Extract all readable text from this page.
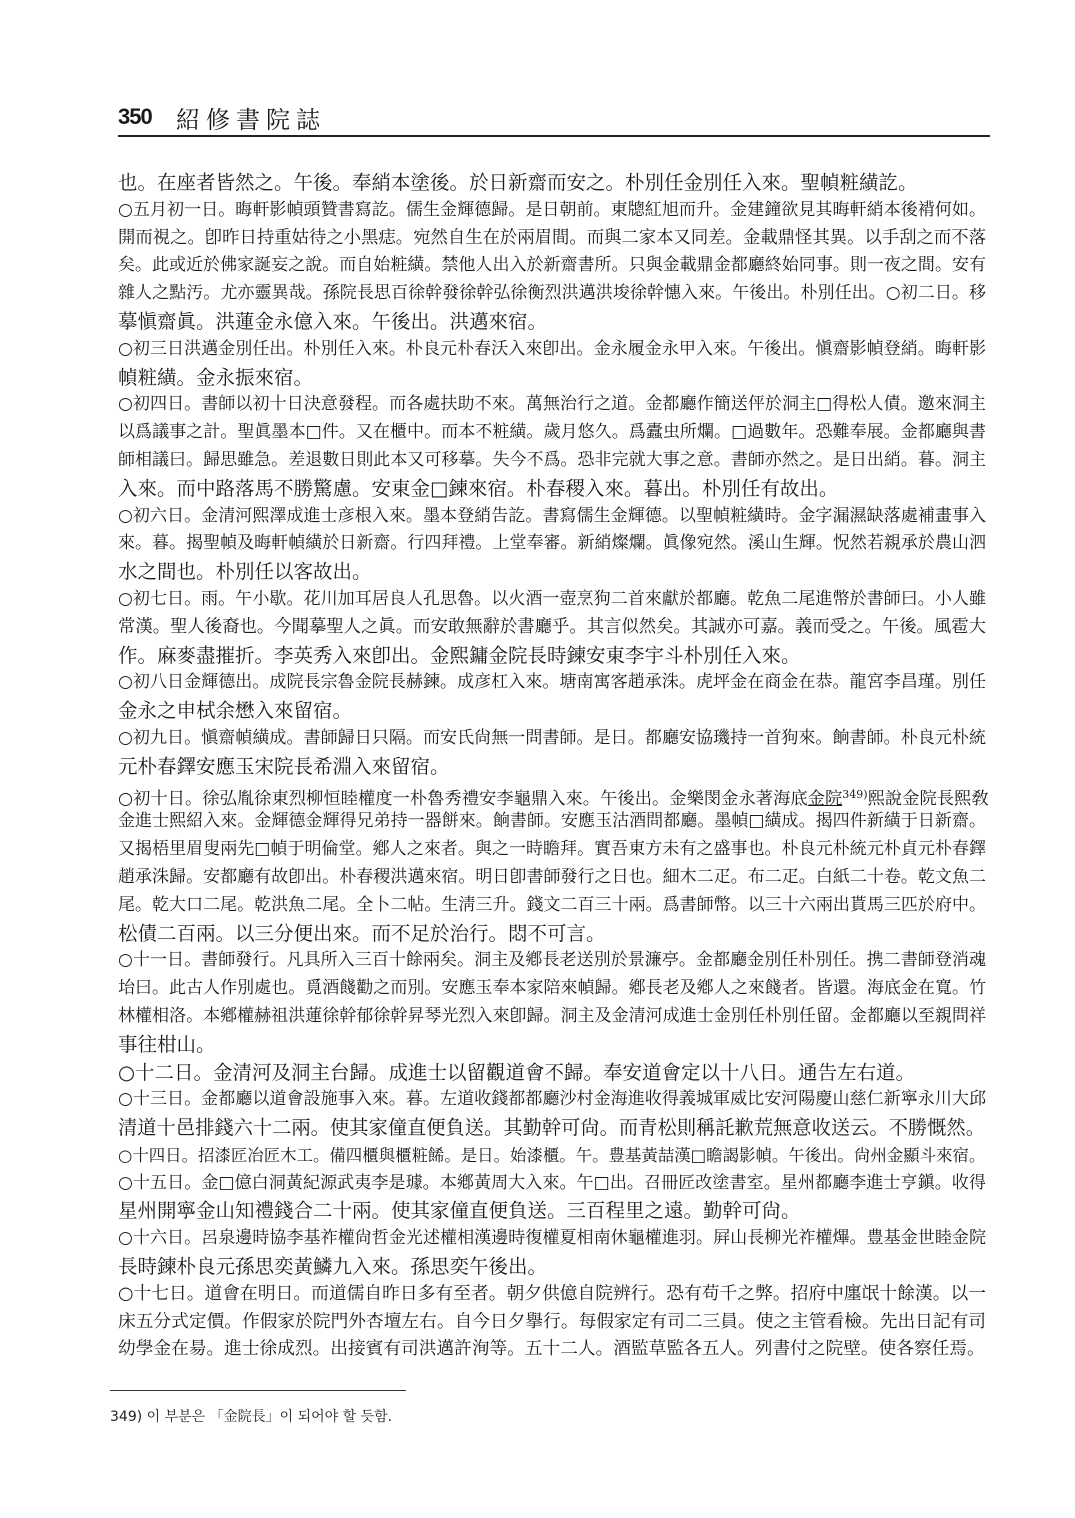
350 紹修書院誌
也。在座者皆然之。午後。奉綃本塗後。於日新齋而安之。朴別任金別任入來。聖幀粧䌙訖。
○五月初一日。晦軒影幀頭贊書寫訖。儒生金輝德歸。是日朝前。東牕紅旭而升。金建鐘欲見其晦軒綃本後褙何如。
開而視之。卽昨日持重姑待之小黑痣。宛然自生在於兩眉間。而與二家本又同差。金載鼎怪其異。以手刮之而不落
矣。此或近於佛家誕妄之說。而自始粧䌙。禁他人出入於新齋書所。只與金載鼎金都廳終始同事。則一夜之間。安有
雜人之點汚。尤亦靈異哉。孫院長思百徐幹發徐幹弘徐衡烈洪邁洪埈徐幹憓入來。午後出。朴別任出。○初二日。移
摹愼齋眞。洪蓮金永億入來。午後出。洪邁來宿。
○初三日洪邁金別任出。朴別任入來。朴良元朴春沃入來卽出。金永履金永甲入來。午後出。愼齋影幀登綃。晦軒影
幀粧䌙。金永振來宿。
○初四日。書師以初十日決意發程。而各處扶助不來。萬無治行之道。金都廳作簡送伻於洞主□得松人債。邀來洞主
以爲議事之計。聖眞墨本□件。又在櫃中。而本不粧䌙。歲月悠久。爲蠹虫所爛。□過數年。恐難奉展。金都廳與書
師相議曰。歸思雖急。差退數日則此本又可移摹。失今不爲。恐非完就大事之意。書師亦然之。是日出綃。暮。洞主
入來。而中路落馬不勝驚慮。安東金□鍊來宿。朴春稷入來。暮出。朴別任有故出。
○初六日。金清河熙澤成進士彦根入來。墨本登綃告訖。書寫儒生金輝德。以聖幀粧䌙時。金字漏濕缺落處補畫事入
來。暮。揭聖幀及晦軒幀䌙於日新齋。行四拜禮。上堂奉審。新綃燦爛。眞像宛然。溪山生輝。怳然若親承於農山泗
水之間也。朴別任以客故出。
○初七日。雨。午小歇。花川加耳居良人孔思魯。以火酒一壺烹狗二首來獻於都廳。乾魚二尾進幣於書師曰。小人雖
常漢。聖人後裔也。今聞摹聖人之眞。而安敢無辭於書廳乎。其言似然矣。其誠亦可嘉。義而受之。午後。風雹大
作。麻麥盡摧折。李英秀入來卽出。金熙鏞金院長時鍊安東李宇斗朴別任入來。
○初八日金輝德出。成院長宗魯金院長赫鍊。成彦杠入來。塘南寓客趙承洙。虎坪金在商金在恭。龍宮李昌瑾。別任
金永之申栻余懋入來留宿。
○初九日。愼齋幀䌙成。書師歸日只隔。而安氏尙無一問書師。是日。都廳安協璣持一首狗來。餉書師。朴良元朴統
元朴春鐸安應玉宋院長希淵入來留宿。
○初十日。徐弘胤徐東烈柳恒睦權度一朴魯秀禮安李龜鼎入來。午後出。金樂閔金永著海底金院$^{349)}$熙說金院長熙敎
金進士熙紹入來。金輝德金輝得兄弟持一器餅來。餉書師。安應玉沽酒問都廳。墨幀□䌙成。揭四件新䌙于日新齋。
又揭梧里眉叟兩先□幀于明倫堂。鄕人之來者。與之一時瞻拜。實吾東方未有之盛事也。朴良元朴統元朴貞元朴春鐸
趙承洙歸。安都廳有故卽出。朴春稷洪邁來宿。明日卽書師發行之日也。細木二疋。布二疋。白紙二十卷。乾文魚二
尾。乾大口二尾。乾洪魚二尾。全卜二帖。生淸三升。錢文二百三十兩。爲書師幣。以三十六兩出貰馬三匹於府中。
松債二百兩。以三分便出來。而不足於治行。悶不可言。
○十一日。書師發行。凡具所入三百十餘兩矣。洞主及鄕長老送別於景濂亭。金都廳金別任朴別任。携二書師登消魂
坮曰。此古人作別處也。覓酒餞勸之而別。安應玉奉本家陪來幀歸。鄕長老及鄕人之來餞者。皆還。海底金在寬。竹
林權相洛。本鄕權赫祖洪蓮徐幹郁徐幹昇琴光烈入來卽歸。洞主及金清河成進士金別任朴別任留。金都廳以至親問祥
事往柑山。
○十二日。金清河及洞主台歸。成進士以留觀道會不歸。奉安道會定以十八日。通告左右道。
○十三日。金都廳以道會設施事入來。暮。左道收錢都都廳沙村金海進收得義城軍威比安河陽慶山慈仁新寧永川大邱
清道十邑排錢六十二兩。使其家僮直便負送。其勤幹可尙。而青松則稱託歉荒無意收送云。不勝慨然。
○十四日。招漆匠冶匠木工。備四櫃與櫃粧餙。是日。始漆櫃。午。豊基黃喆漢□瞻謁影幀。午後出。尙州金顯斗來宿。
○十五日。金□億白洞黃紀源武夷李是璩。本鄕黃周大入來。午□出。召冊匠改塗書室。星州都廳李進士亨鎭。收得
星州開寧金山知禮錢合二十兩。使其家僮直便負送。三百程里之遠。勤幹可尙。
○十六日。呂泉邊時協李基祚權尙哲金光述權相漢邊時復權夏相南休龜權進羽。屛山長柳光祚權熚。豊基金世睦金院
長時鍊朴良元孫思奕黃鱗九入來。孫思奕午後出。
○十七日。道會在明日。而道儒自昨日多有至者。朝夕供億自院辨行。恐有苟千之弊。招府中廛氓十餘漢。以一
床五分式定價。作假家於院門外杏壇左右。自今日夕擧行。每假家定有司二三員。使之主管看檢。先出日記有司
幼學金在昜。進士徐成烈。出接賓有司洪邁許洵等。五十二人。酒監草監各五人。列書付之院壁。使各察任焉。
349) 이 부분은 「金院長」이 되어야 할 듯함.
